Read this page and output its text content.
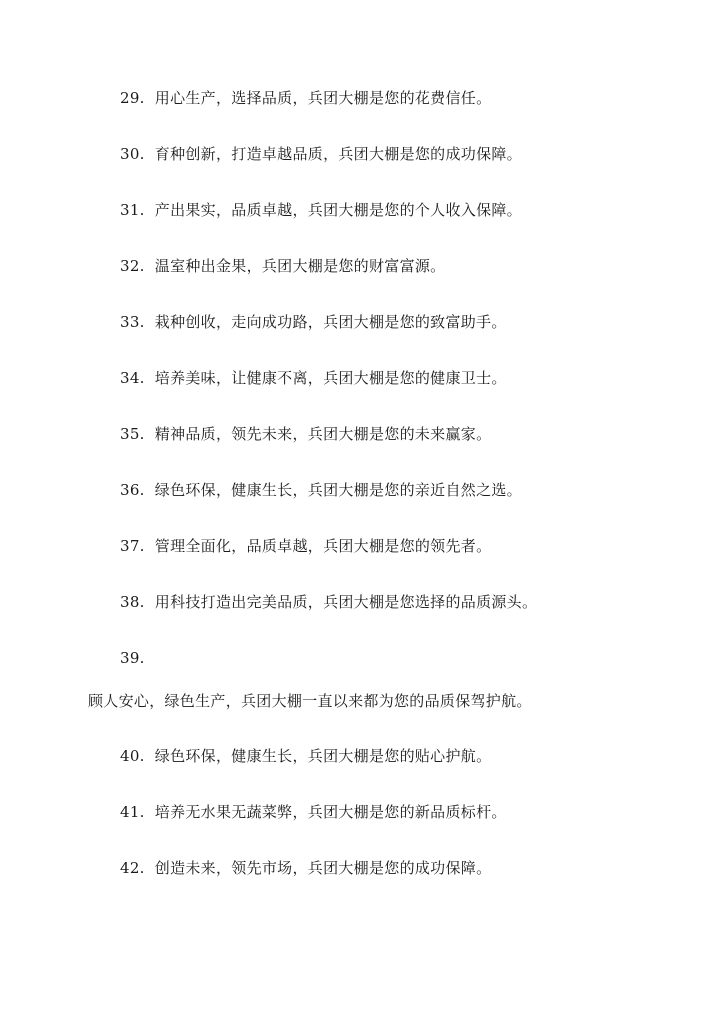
29. 用心生产，选择品质，兵团大棚是您的花费信任。
30. 育种创新，打造卓越品质，兵团大棚是您的成功保障。
31. 产出果实，品质卓越，兵团大棚是您的个人收入保障。
32. 温室种出金果，兵团大棚是您的财富富源。
33. 栽种创收，走向成功路，兵团大棚是您的致富助手。
34. 培养美味，让健康不离，兵团大棚是您的健康卫士。
35. 精神品质，领先未来，兵团大棚是您的未来赢家。
36. 绿色环保，健康生长，兵团大棚是您的亲近自然之选。
37. 管理全面化，品质卓越，兵团大棚是您的领先者。
38. 用科技打造出完美品质，兵团大棚是您选择的品质源头。
39.
顾人安心，绿色生产，兵团大棚一直以来都为您的品质保驾护航。
40. 绿色环保，健康生长，兵团大棚是您的贴心护航。
41. 培养无水果无蔬菜弊，兵团大棚是您的新品质标杆。
42. 创造未来，领先市场，兵团大棚是您的成功保障。
